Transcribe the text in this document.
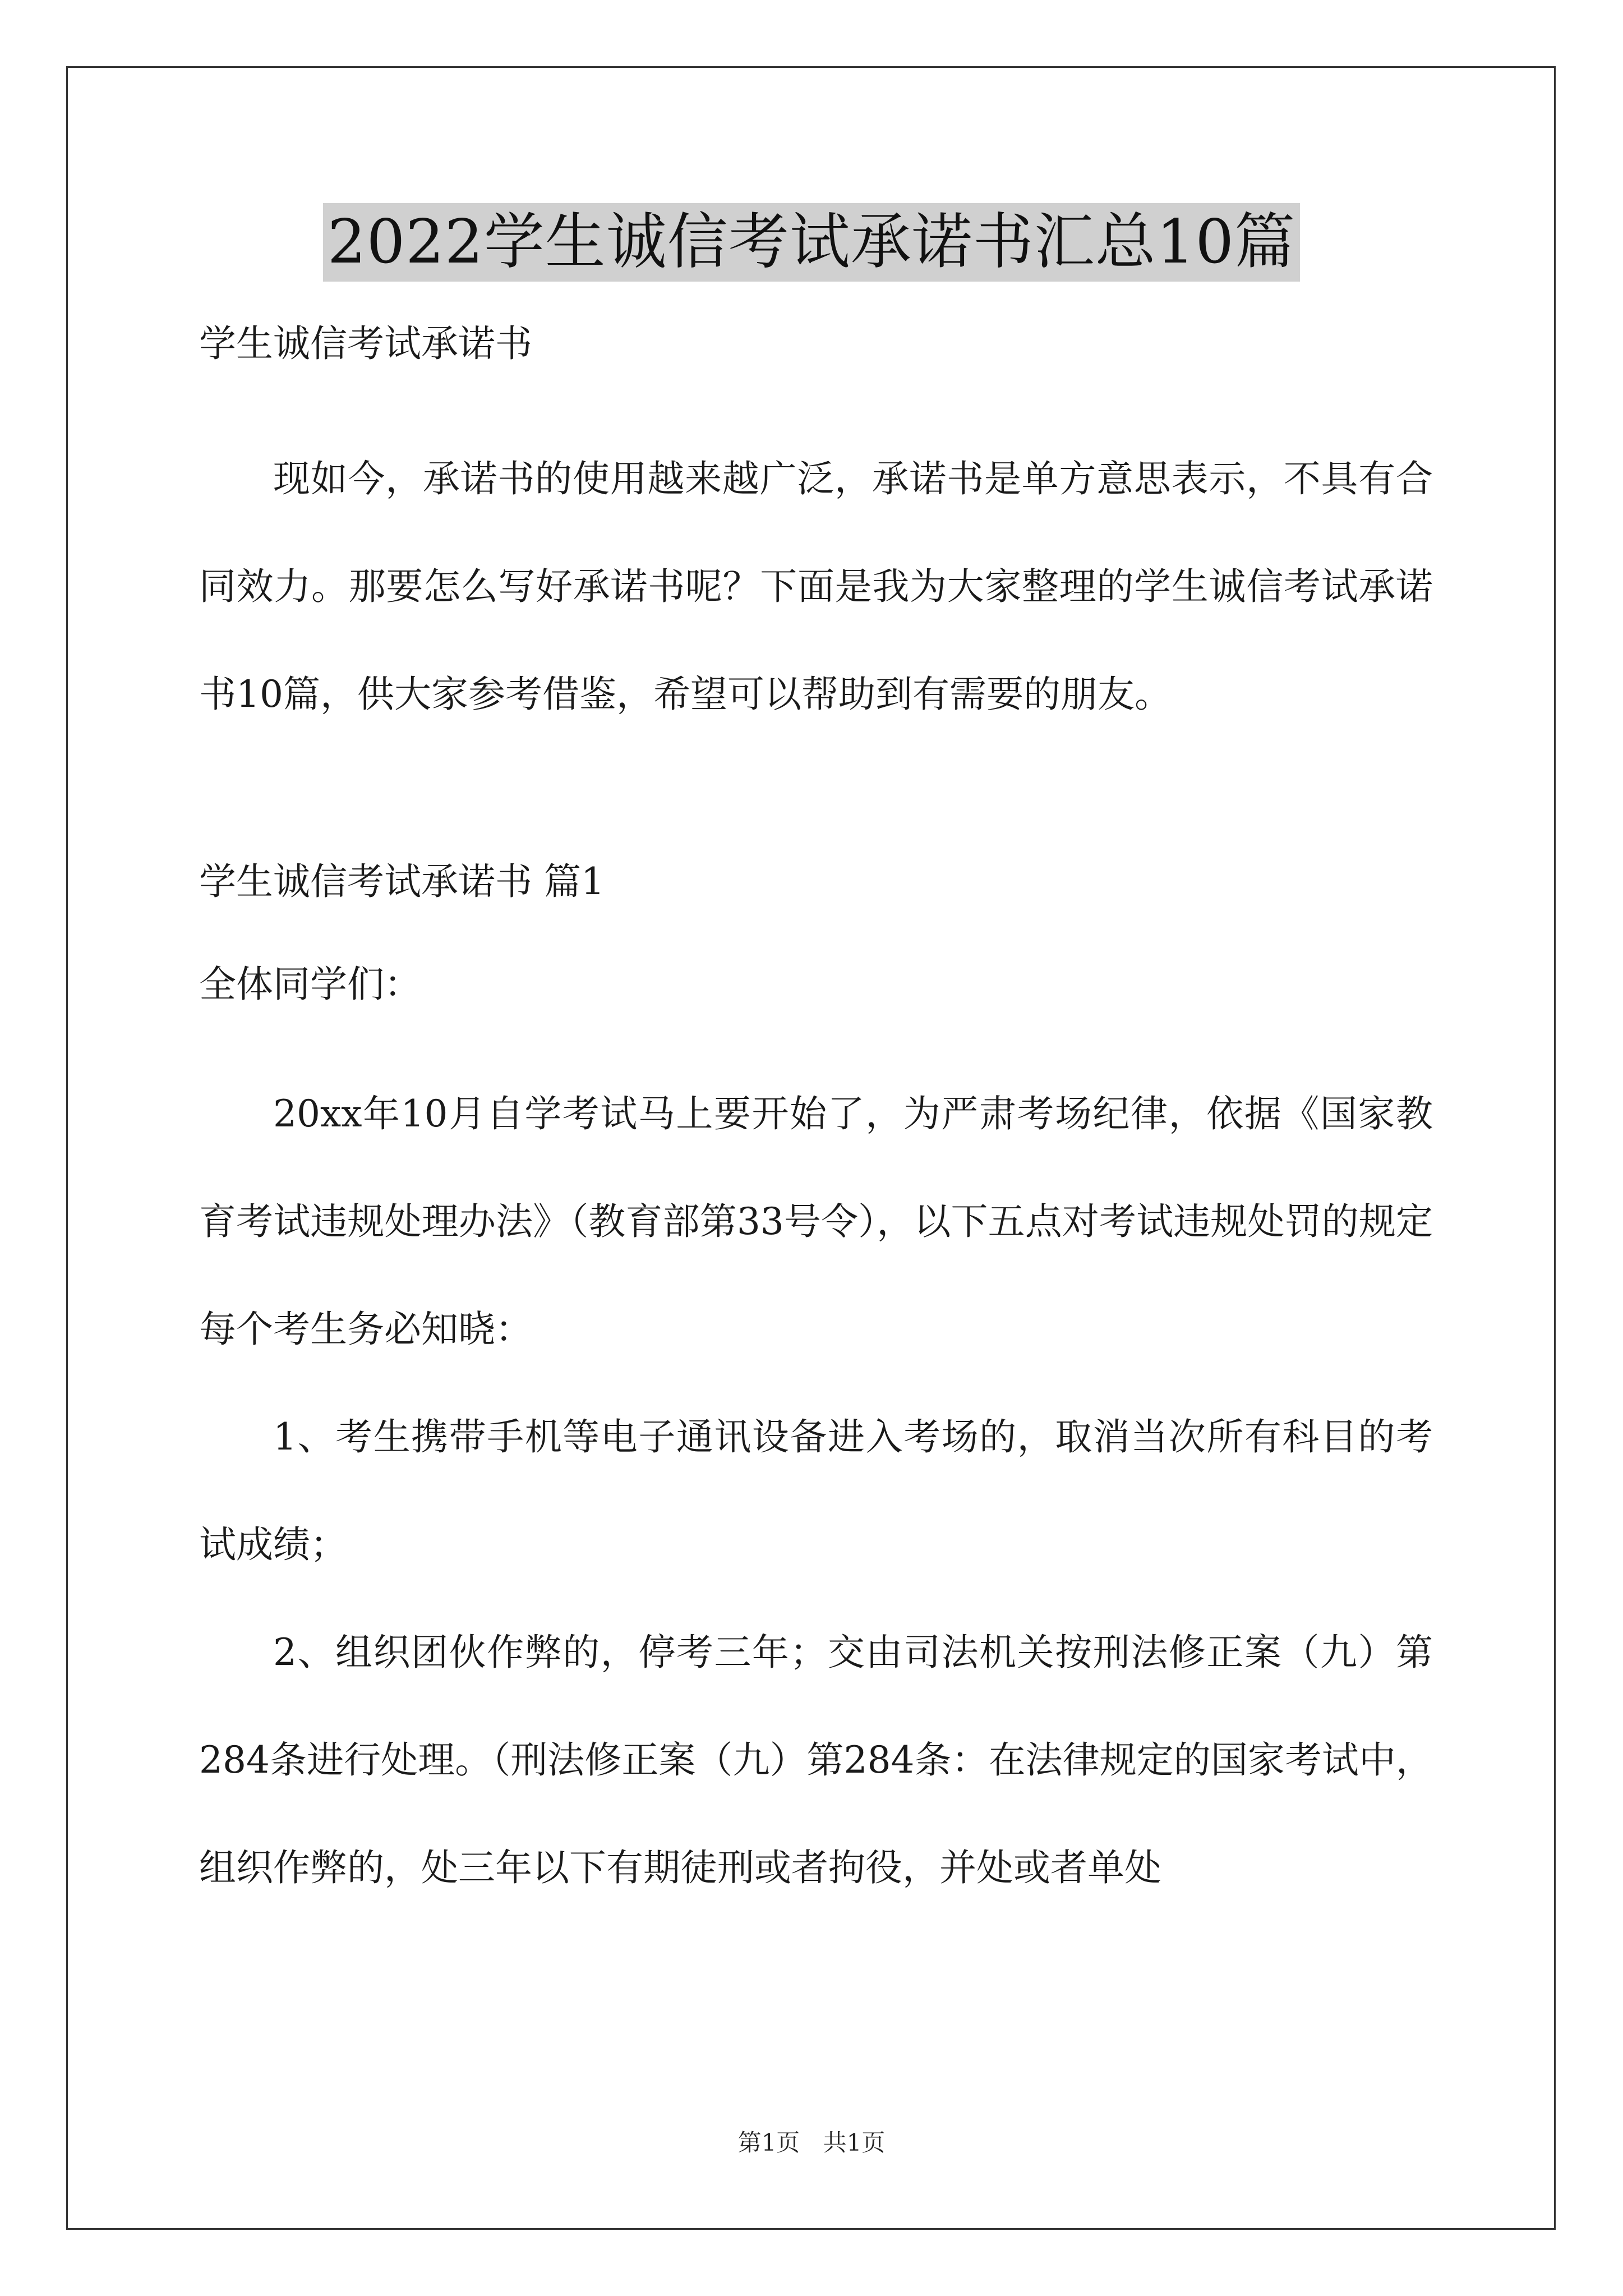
2022学生诚信考试承诺书汇总10篇

学生诚信考试承诺书

现如今，承诺书的使用越来越广泛，承诺书是单方意思表示，不具有合同效力。那要怎么写好承诺书呢？下面是我为大家整理的学生诚信考试承诺书10篇，供大家参考借鉴，希望可以帮助到有需要的朋友。

学生诚信考试承诺书 篇1

全体同学们：

20xx年10月自学考试马上要开始了，为严肃考场纪律，依据《国家教育考试违规处理办法》（教育部第33号令），以下五点对考试违规处罚的规定每个考生务必知晓：

1、考生携带手机等电子通讯设备进入考场的，取消当次所有科目的考试成绩；

2、组织团伙作弊的，停考三年；交由司法机关按刑法修正案（九）第284条进行处理。（刑法修正案（九）第284条：在法律规定的国家考试中，组织作弊的，处三年以下有期徒刑或者拘役，并处或者单处

第1页 共1页
